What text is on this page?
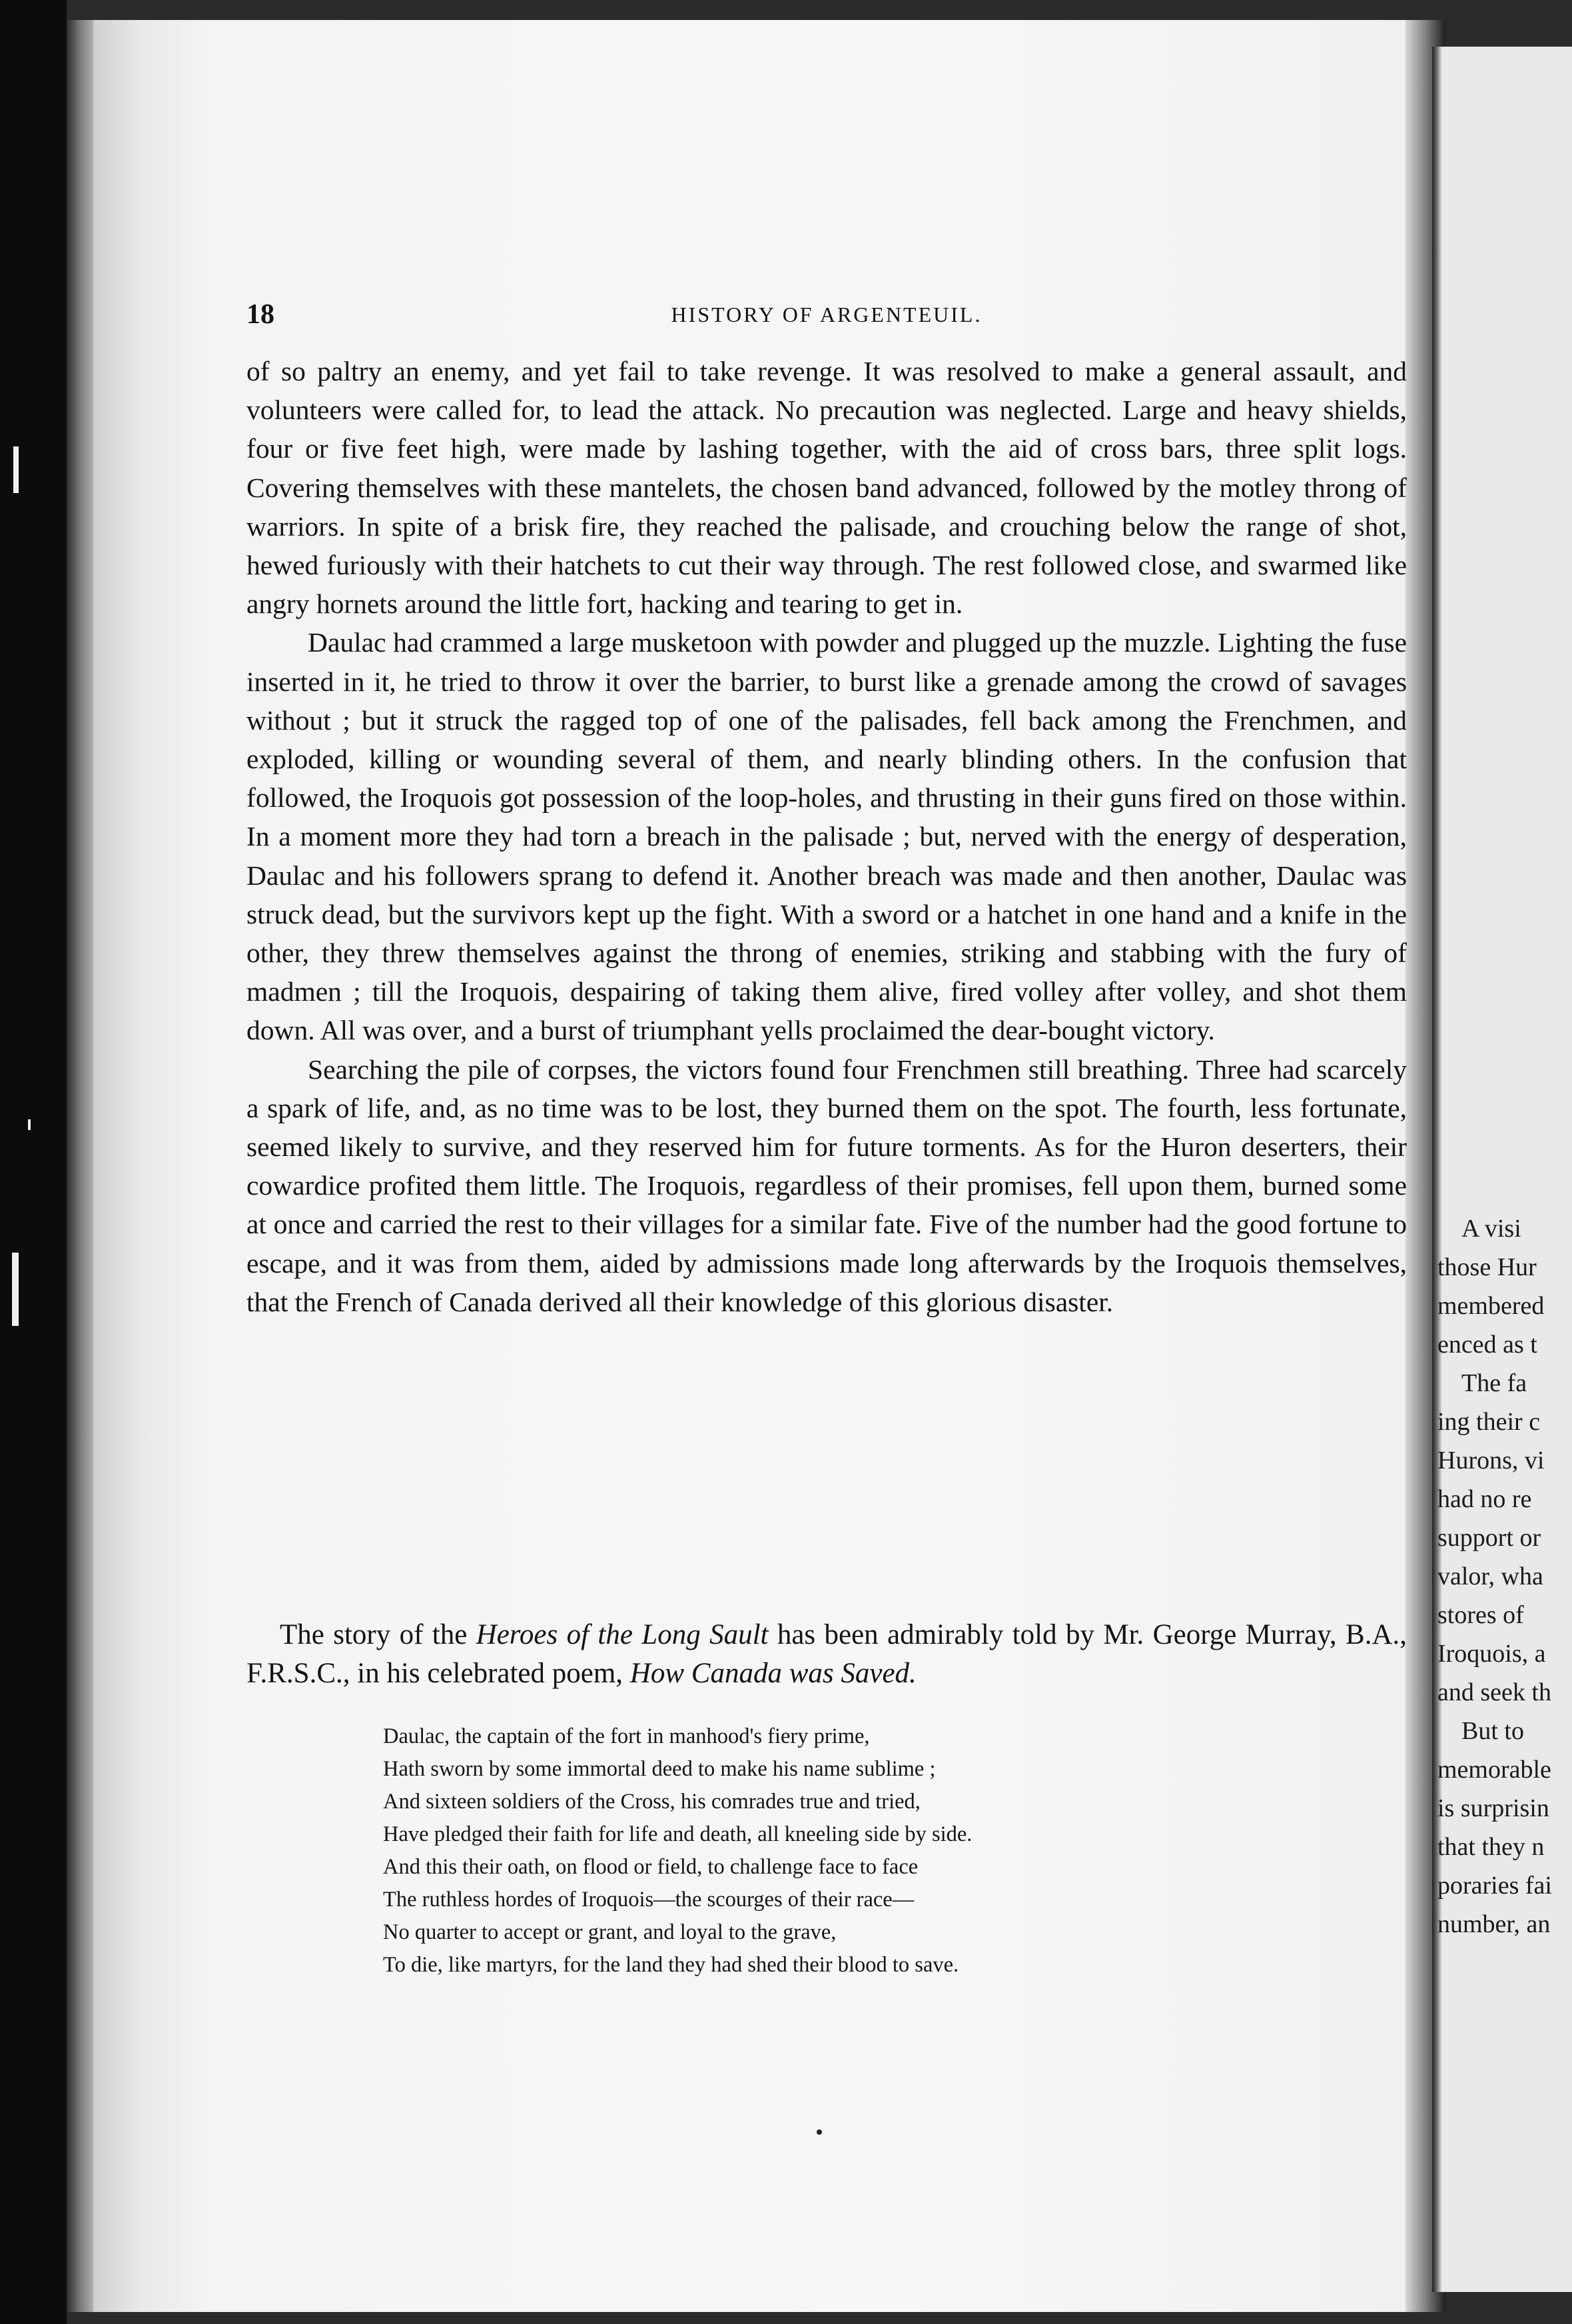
A visi
those Hur
membered
enced as t
The fa
ing their c
Hurons, vi
had no re
support or
valor, wha
stores of
Iroquois, a
and seek th
But to
memorable
is surprisin
that they n
poraries fai
number, an
18	HISTORY OF ARGENTEUIL.

of so paltry an enemy, and yet fail to take revenge. It was resolved to make a general assault, and volunteers were called for, to lead the attack. No precaution was neglected. Large and heavy shields, four or five feet high, were made by lashing together, with the aid of cross bars, three split logs. Covering themselves with these mantelets, the chosen band advanced, followed by the motley throng of warriors. In spite of a brisk fire, they reached the palisade, and crouching below the range of shot, hewed furiously with their hatchets to cut their way through. The rest followed close, and swarmed like angry hornets around the little fort, hacking and tearing to get in.

Daulac had crammed a large musketoon with powder and plugged up the muzzle. Lighting the fuse inserted in it, he tried to throw it over the barrier, to burst like a grenade among the crowd of savages without ; but it struck the ragged top of one of the palisades, fell back among the Frenchmen, and exploded, killing or wounding several of them, and nearly blinding others. In the confusion that followed, the Iroquois got possession of the loop-holes, and thrusting in their guns fired on those within. In a moment more they had torn a breach in the palisade ; but, nerved with the energy of desperation, Daulac and his followers sprang to defend it. Another breach was made and then another, Daulac was struck dead, but the survivors kept up the fight. With a sword or a hatchet in one hand and a knife in the other, they threw themselves against the throng of enemies, striking and stabbing with the fury of madmen ; till the Iroquois, despairing of taking them alive, fired volley after volley, and shot them down. All was over, and a burst of triumphant yells proclaimed the dear-bought victory.

Searching the pile of corpses, the victors found four Frenchmen still breathing. Three had scarcely a spark of life, and, as no time was to be lost, they burned them on the spot. The fourth, less fortunate, seemed likely to survive, and they reserved him for future torments. As for the Huron deserters, their cowardice profited them little. The Iroquois, regardless of their promises, fell upon them, burned some at once and carried the rest to their villages for a similar fate. Five of the number had the good fortune to escape, and it was from them, aided by admissions made long afterwards by the Iroquois themselves, that the French of Canada derived all their knowledge of this glorious disaster.

The story of the Heroes of the Long Sault has been admirably told by Mr. George Murray, B.A., F.R.S.C., in his celebrated poem, How Canada was Saved.

Daulac, the captain of the fort in manhood's fiery prime,
Hath sworn by some immortal deed to make his name sublime ;
And sixteen soldiers of the Cross, his comrades true and tried,
Have pledged their faith for life and death, all kneeling side by side.
And this their oath, on flood or field, to challenge face to face
The ruthless hordes of Iroquois—the scourges of their race—
No quarter to accept or grant, and loyal to the grave,
To die, like martyrs, for the land they had shed their blood to save.
